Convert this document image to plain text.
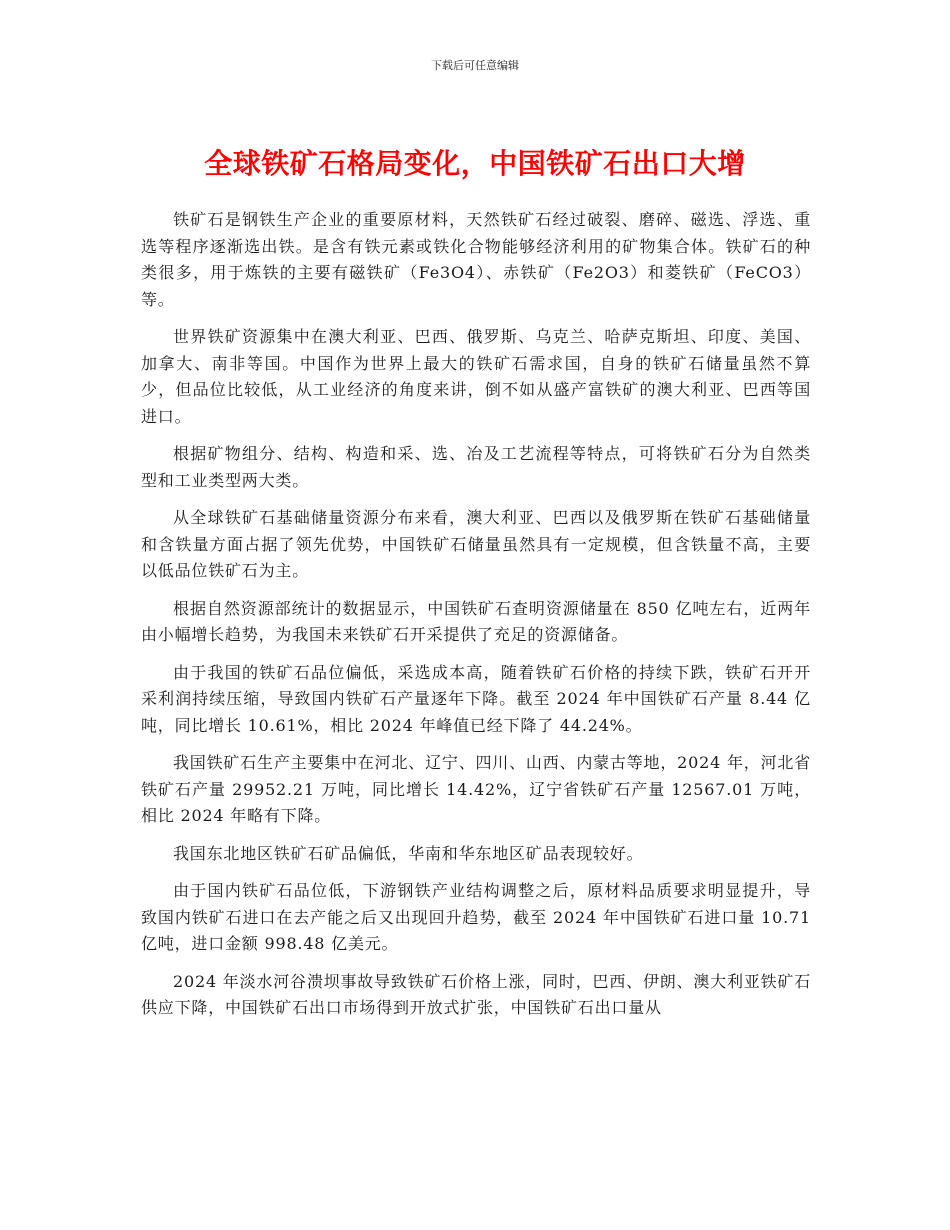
下载后可任意编辑
全球铁矿石格局变化，中国铁矿石出口大增

铁矿石是钢铁生产企业的重要原材料，天然铁矿石经过破裂、磨碎、磁选、浮选、重选等程序逐渐选出铁。是含有铁元素或铁化合物能够经济利用的矿物集合体。铁矿石的种类很多，用于炼铁的主要有磁铁矿（Fe3O4）、赤铁矿（Fe2O3）和菱铁矿（FeCO3）等。

世界铁矿资源集中在澳大利亚、巴西、俄罗斯、乌克兰、哈萨克斯坦、印度、美国、加拿大、南非等国。中国作为世界上最大的铁矿石需求国，自身的铁矿石储量虽然不算少，但品位比较低，从工业经济的角度来讲，倒不如从盛产富铁矿的澳大利亚、巴西等国进口。

根据矿物组分、结构、构造和采、选、冶及工艺流程等特点，可将铁矿石分为自然类型和工业类型两大类。

从全球铁矿石基础储量资源分布来看，澳大利亚、巴西以及俄罗斯在铁矿石基础储量和含铁量方面占据了领先优势，中国铁矿石储量虽然具有一定规模，但含铁量不高，主要以低品位铁矿石为主。

根据自然资源部统计的数据显示，中国铁矿石查明资源储量在 850 亿吨左右，近两年由小幅增长趋势，为我国未来铁矿石开采提供了充足的资源储备。

由于我国的铁矿石品位偏低，采选成本高，随着铁矿石价格的持续下跌，铁矿石开开采利润持续压缩，导致国内铁矿石产量逐年下降。截至 2024 年中国铁矿石产量 8.44 亿吨，同比增长 10.61%，相比 2024 年峰值已经下降了 44.24%。

我国铁矿石生产主要集中在河北、辽宁、四川、山西、内蒙古等地，2024 年，河北省铁矿石产量 29952.21 万吨，同比增长 14.42%，辽宁省铁矿石产量 12567.01 万吨，相比 2024 年略有下降。

我国东北地区铁矿石矿品偏低，华南和华东地区矿品表现较好。

由于国内铁矿石品位低，下游钢铁产业结构调整之后，原材料品质要求明显提升，导致国内铁矿石进口在去产能之后又出现回升趋势，截至 2024 年中国铁矿石进口量 10.71 亿吨，进口金额 998.48 亿美元。

2024 年淡水河谷溃坝事故导致铁矿石价格上涨，同时，巴西、伊朗、澳大利亚铁矿石供应下降，中国铁矿石出口市场得到开放式扩张，中国铁矿石出口量从
